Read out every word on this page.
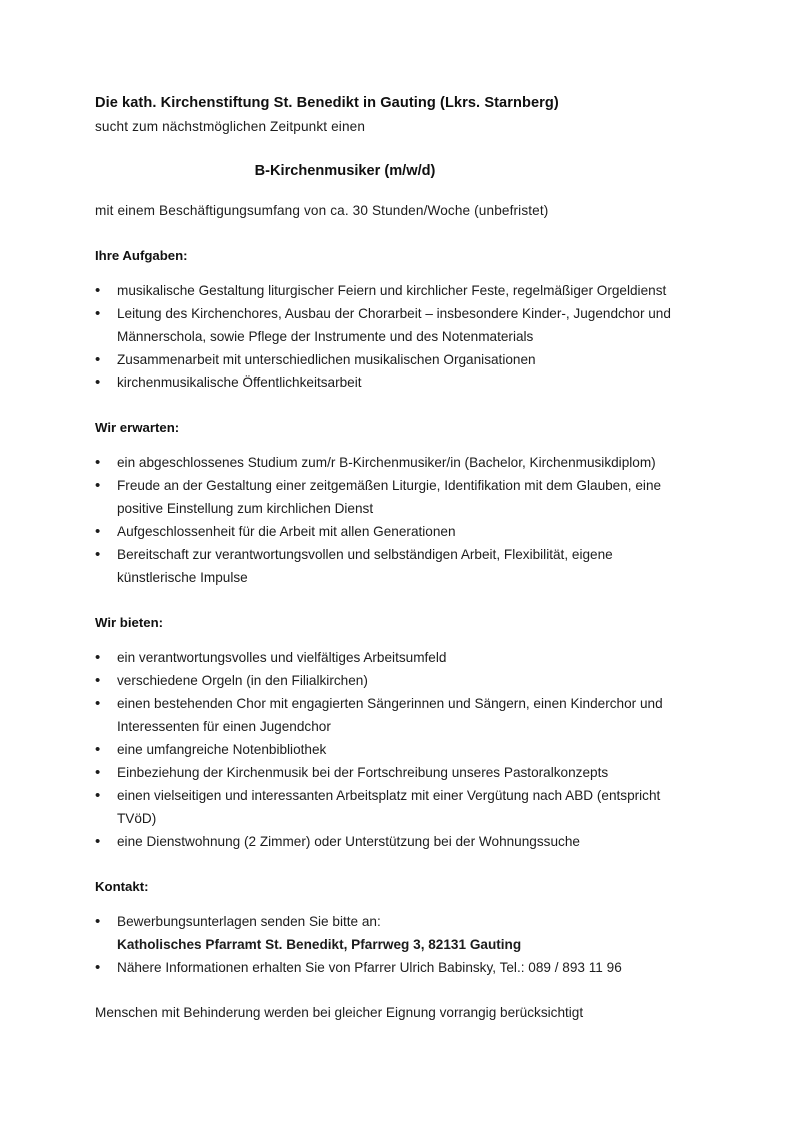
Die kath. Kirchenstiftung St. Benedikt in Gauting (Lkrs. Starnberg)
sucht zum nächstmöglichen Zeitpunkt einen
B-Kirchenmusiker (m/w/d)
mit einem Beschäftigungsumfang von ca. 30 Stunden/Woche (unbefristet)
Ihre Aufgaben:
•	musikalische Gestaltung liturgischer Feiern und kirchlicher Feste, regelmäßiger Orgeldienst
•	Leitung des Kirchenchores, Ausbau der Chorarbeit – insbesondere Kinder-, Jugendchor und Männerschola, sowie Pflege der Instrumente und des Notenmaterials
•	Zusammenarbeit mit unterschiedlichen musikalischen Organisationen
•	kirchenmusikalische Öffentlichkeitsarbeit
Wir erwarten:
•	ein abgeschlossenes Studium zum/r B-Kirchenmusiker/in (Bachelor, Kirchenmusikdiplom)
•	Freude an der Gestaltung einer zeitgemäßen Liturgie, Identifikation mit dem Glauben, eine positive Einstellung zum kirchlichen Dienst
•	Aufgeschlossenheit für die Arbeit mit allen Generationen
•	Bereitschaft zur verantwortungsvollen und selbständigen Arbeit, Flexibilität, eigene künstlerische Impulse
Wir bieten:
•	ein verantwortungsvolles und vielfältiges Arbeitsumfeld
•	verschiedene Orgeln (in den Filialkirchen)
•	einen bestehenden Chor mit engagierten Sängerinnen und Sängern, einen Kinderchor und Interessenten für einen Jugendchor
•	eine umfangreiche Notenbibliothek
•	Einbeziehung der Kirchenmusik bei der Fortschreibung unseres Pastoralkonzepts
•	einen vielseitigen und interessanten Arbeitsplatz mit einer Vergütung nach ABD (entspricht TVöD)
•	eine Dienstwohnung (2 Zimmer) oder Unterstützung bei der Wohnungssuche
Kontakt:
•	Bewerbungsunterlagen senden Sie bitte an:
Katholisches Pfarramt St. Benedikt, Pfarrweg 3, 82131 Gauting
•	Nähere Informationen erhalten Sie von Pfarrer Ulrich Babinsky, Tel.: 089 / 893 11 96
Menschen mit Behinderung werden bei gleicher Eignung vorrangig berücksichtigt
